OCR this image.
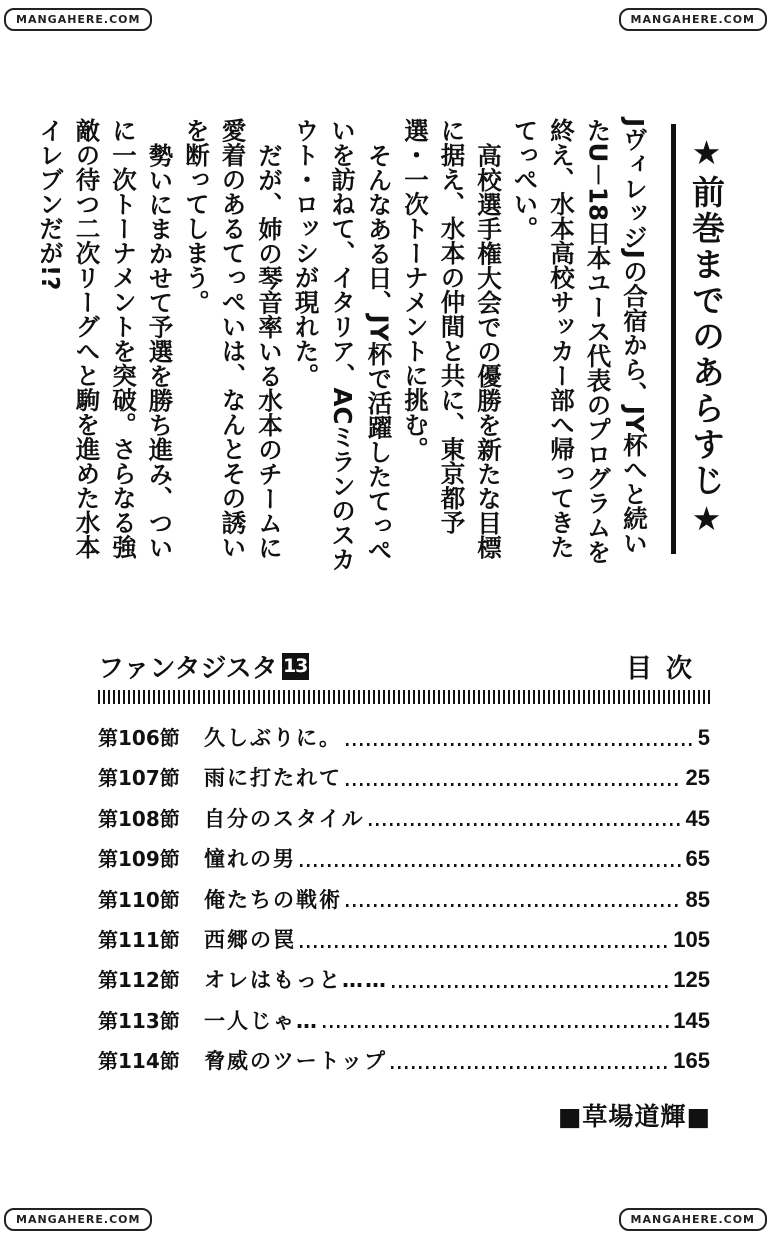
MANGAHERE.COM	MANGAHERE.COM
MANGAHERE.COM	MANGAHERE.COM
★前巻までのあらすじ★

JヴィレッジJの合宿から、JY杯へと続いたU－18日本ユース代表のプログラムを終え、水本高校サッカー部へ帰ってきたてっぺい。

高校選手権大会での優勝を新たな目標に据え、水本の仲間と共に、東京都予選・一次トーナメントに挑む。

そんなある日、JY杯で活躍したてっぺいを訪ねて、イタリア、ACミランのスカウト・ロッシが現れた。

だが、姉の琴音率いる水本のチームに愛着のあるてっぺいは、なんとその誘いを断ってしまう。

勢いにまかせて予選を勝ち進み、ついに一次トーナメントを突破。さらなる強敵の待つ二次リーグへと駒を進めた水本イレブンだが!?

ファンタジスタ 13	目次
第106節	久しぶりに。	5
第107節	雨に打たれて	25
第108節	自分のスタイル	45
第109節	憧れの男	65
第110節	俺たちの戦術	85
第111節	西郷の罠	105
第112節	オレはもっと……	125
第113節	一人じゃ…	145
第114節	脅威のツートップ	165
■草場道輝■
